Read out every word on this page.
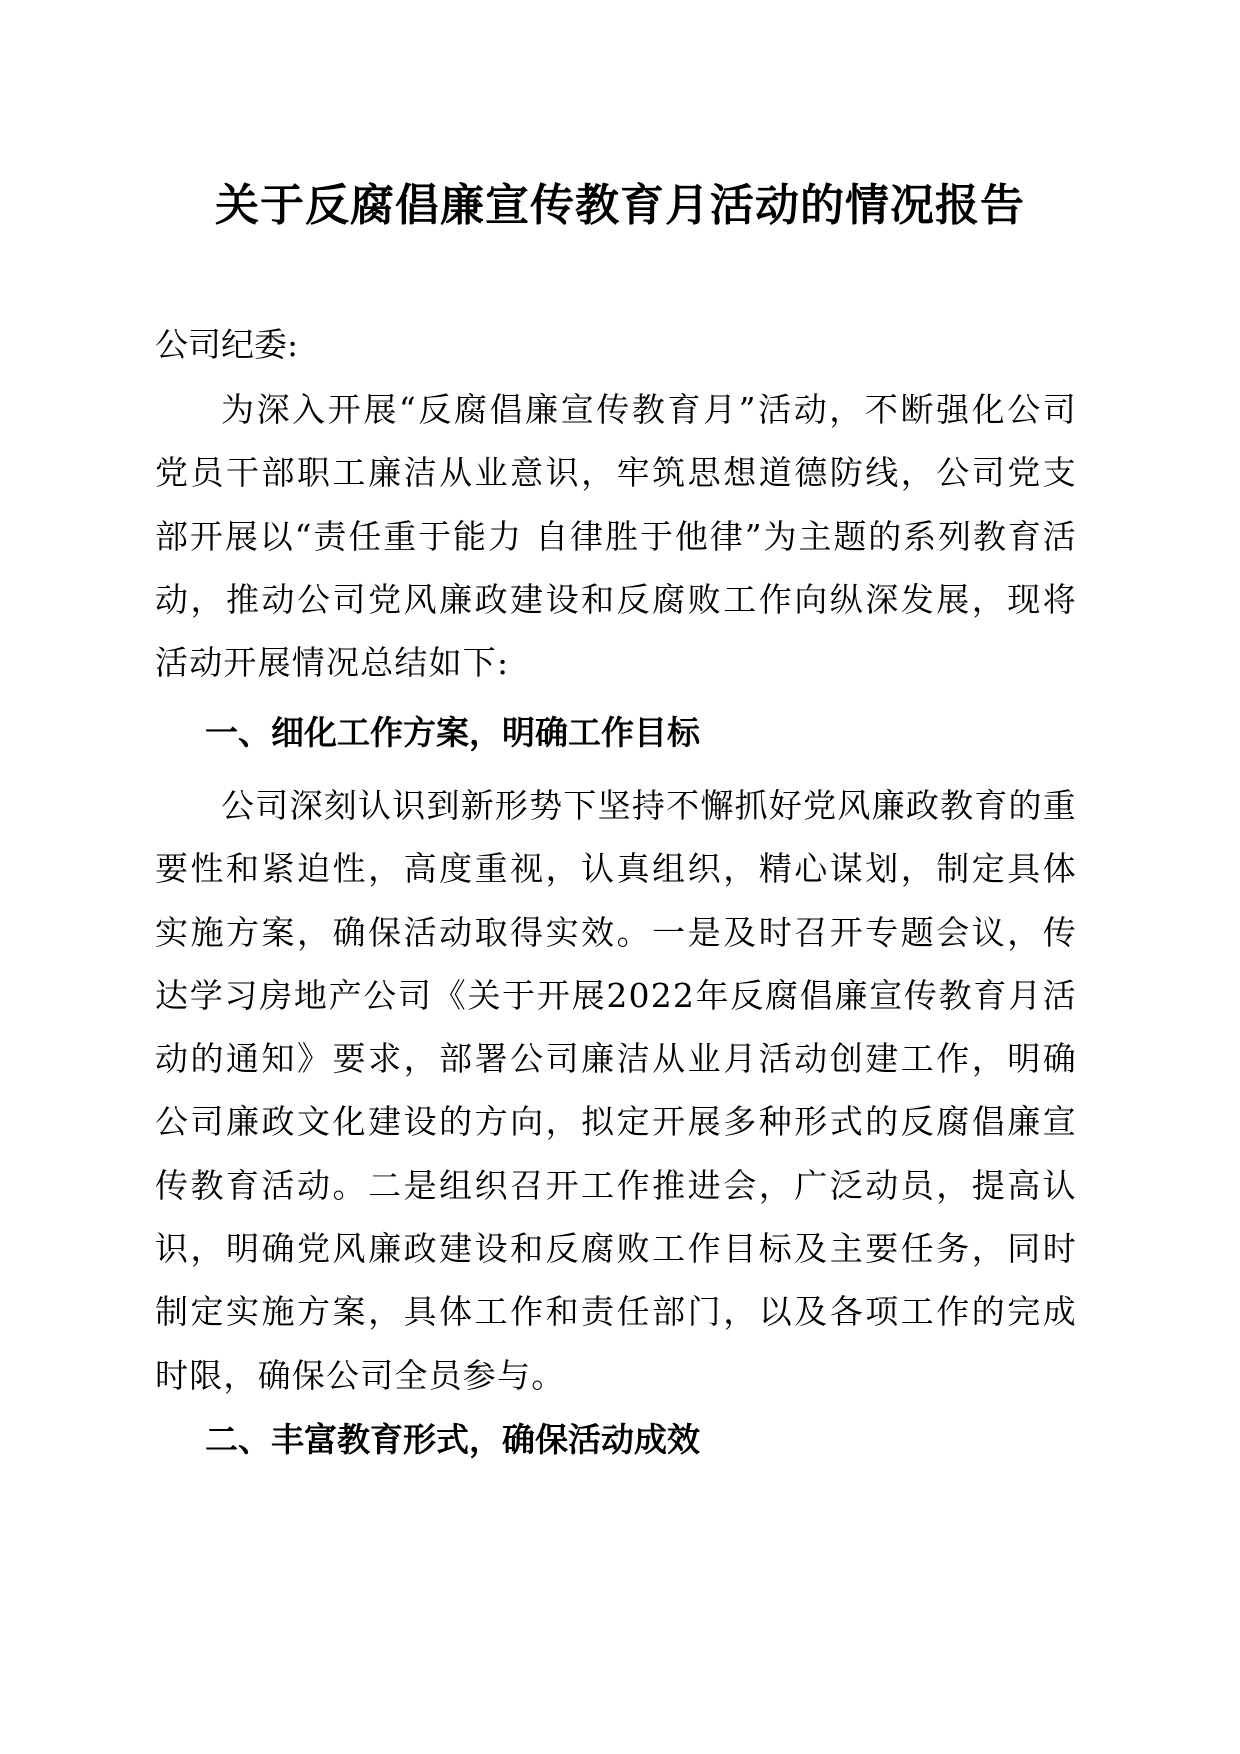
关于反腐倡廉宣传教育月活动的情况报告
公司纪委:

为深入开展“反腐倡廉宣传教育月”活动，不断强化公司党员干部职工廉洁从业意识，牢筑思想道德防线，公司党支部开展以“责任重于能力 自律胜于他律”为主题的系列教育活动，推动公司党风廉政建设和反腐败工作向纵深发展，现将活动开展情况总结如下:

一、细化工作方案，明确工作目标

公司深刻认识到新形势下坚持不懈抓好党风廉政教育的重要性和紧迫性，高度重视，认真组织，精心谋划，制定具体实施方案，确保活动取得实效。一是及时召开专题会议，传达学习房地产公司《关于开展2022年反腐倡廉宣传教育月活动的通知》要求，部署公司廉洁从业月活动创建工作，明确公司廉政文化建设的方向，拟定开展多种形式的反腐倡廉宣传教育活动。二是组织召开工作推进会，广泛动员，提高认识，明确党风廉政建设和反腐败工作目标及主要任务，同时制定实施方案，具体工作和责任部门，以及各项工作的完成时限，确保公司全员参与。

二、丰富教育形式，确保活动成效
